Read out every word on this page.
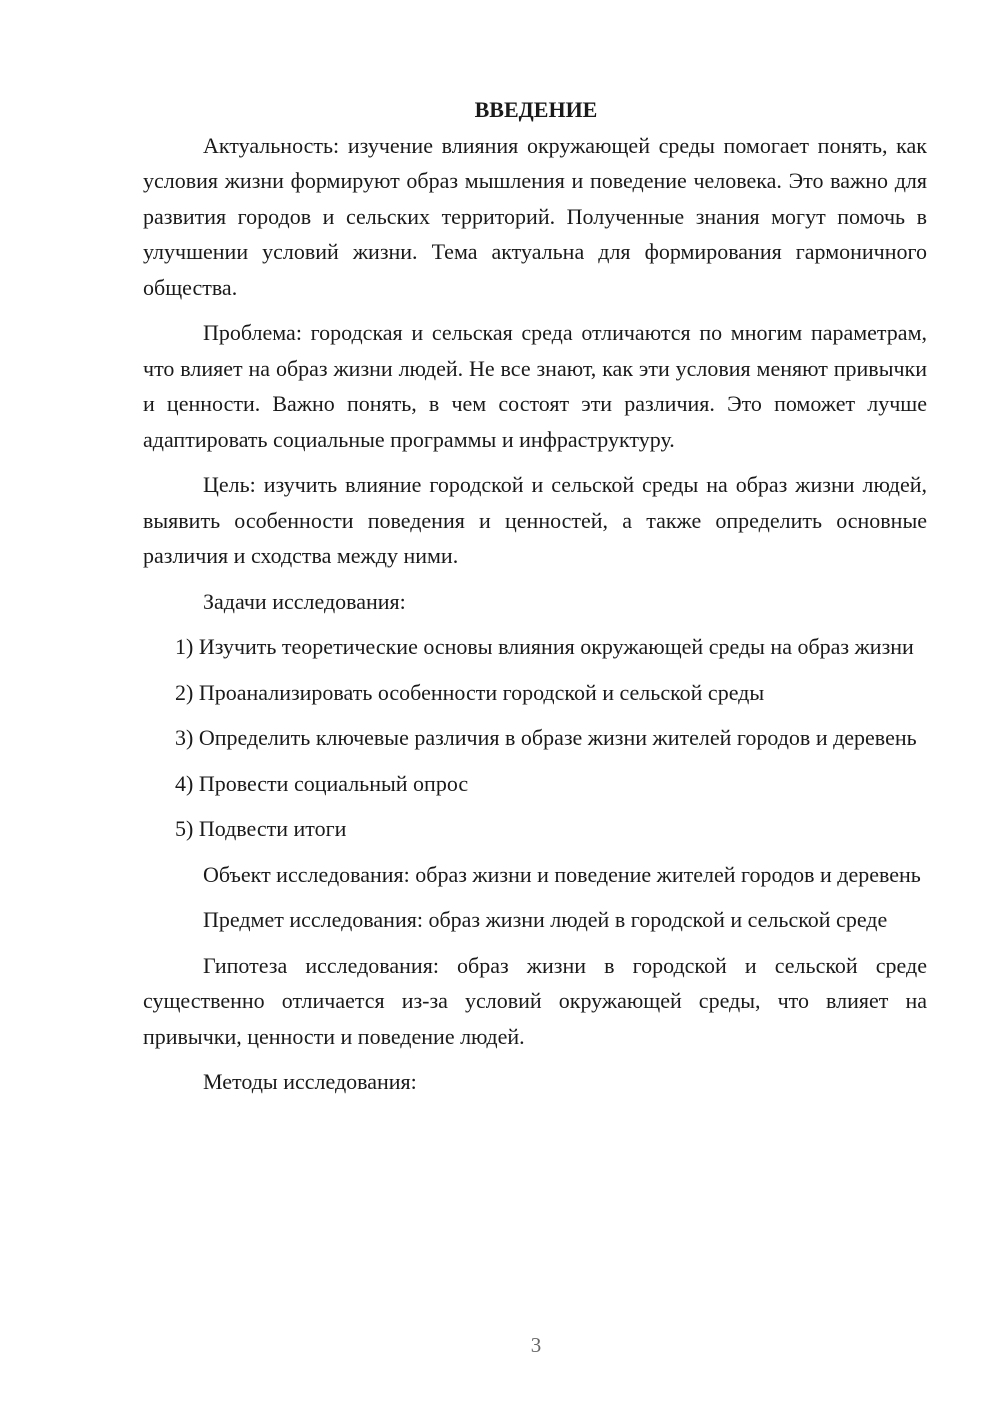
ВВЕДЕНИЕ

Актуальность: изучение влияния окружающей среды помогает понять, как условия жизни формируют образ мышления и поведение человека. Это важно для развития городов и сельских территорий. Полученные знания могут помочь в улучшении условий жизни. Тема актуальна для формирования гармоничного общества.

Проблема: городская и сельская среда отличаются по многим параметрам, что влияет на образ жизни людей. Не все знают, как эти условия меняют привычки и ценности. Важно понять, в чем состоят эти различия. Это поможет лучше адаптировать социальные программы и инфраструктуру.

Цель: изучить влияние городской и сельской среды на образ жизни людей, выявить особенности поведения и ценностей, а также определить основные различия и сходства между ними.

Задачи исследования:

1) Изучить теоретические основы влияния окружающей среды на образ жизни

2) Проанализировать особенности городской и сельской среды

3) Определить ключевые различия в образе жизни жителей городов и деревень

4) Провести социальный опрос

5) Подвести итоги

Объект исследования: образ жизни и поведение жителей городов и деревень

Предмет исследования: образ жизни людей в городской и сельской среде

Гипотеза исследования: образ жизни в городской и сельской среде существенно отличается из-за условий окружающей среды, что влияет на привычки, ценности и поведение людей.

Методы исследования:

3
